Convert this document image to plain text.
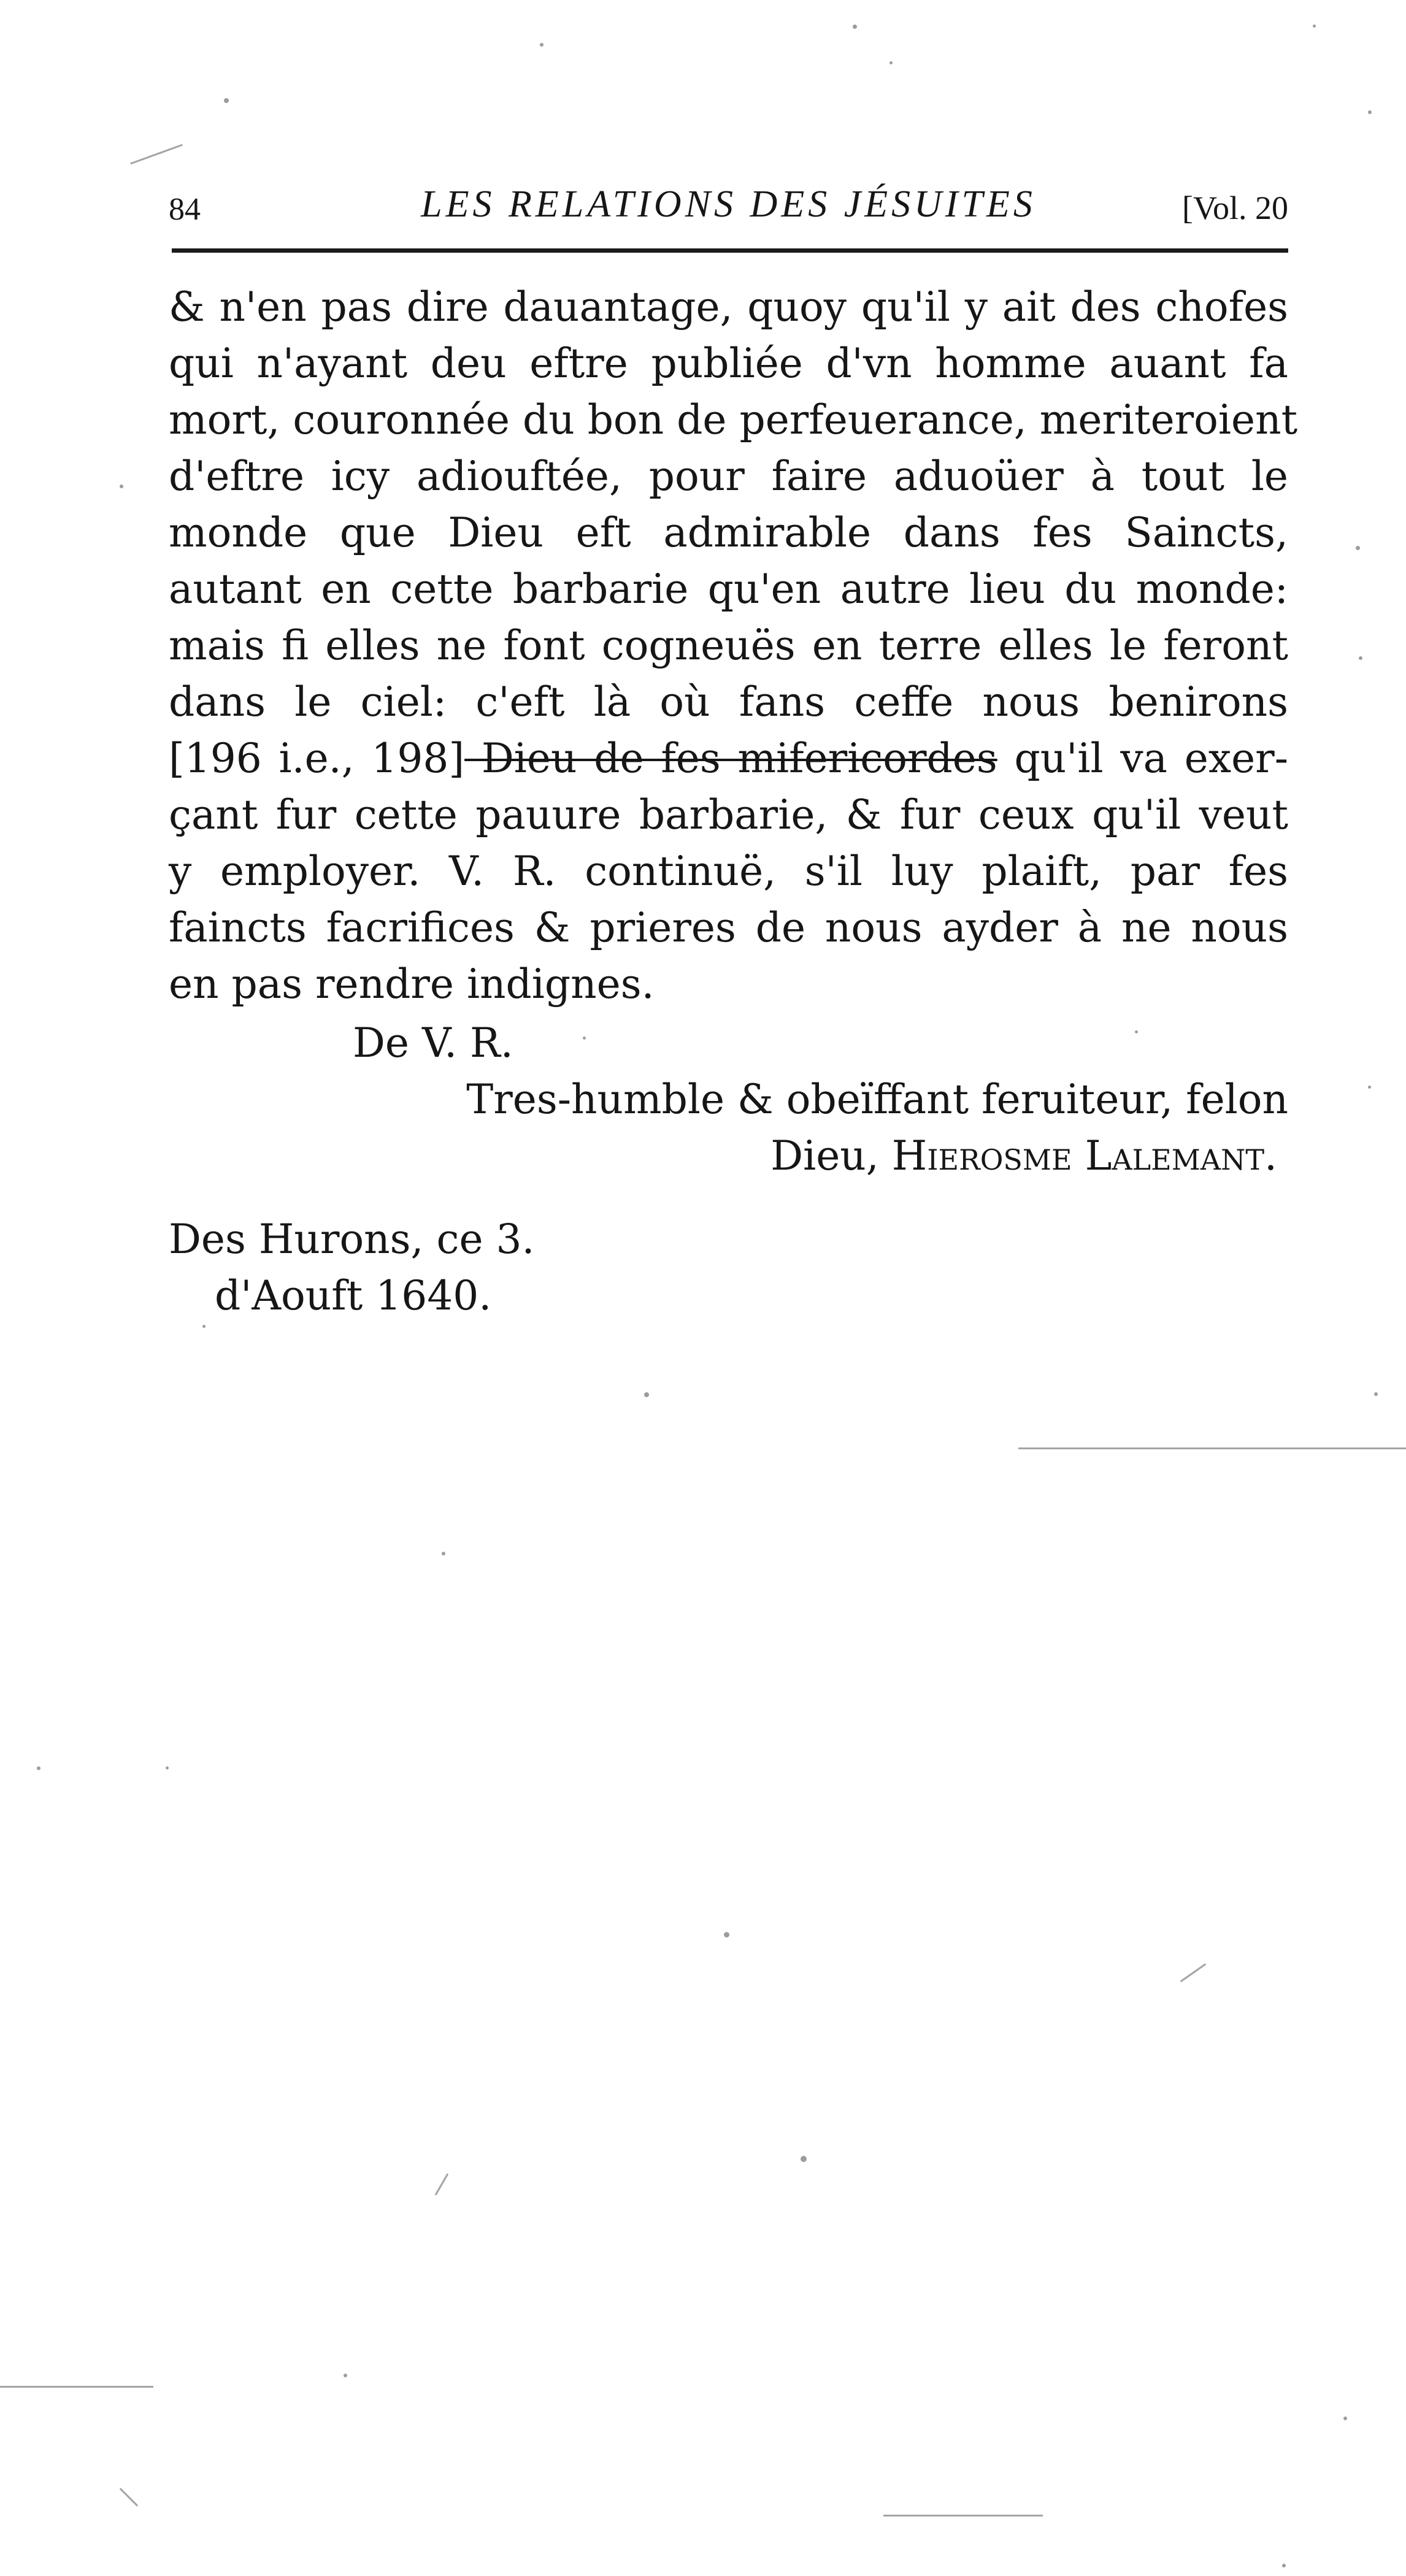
84	LES RELATIONS DES JÉSUITES	[Vol. 20
& n'en pas dire dauantage, quoy qu'il y ait des chofes
qui n'ayant deu eftre publiée d'vn homme auant fa
mort, couronnée du bon de perfeuerance, meriteroient
d'eftre icy adiouftée, pour faire aduoüer à tout le
monde que Dieu eft admirable dans fes Saincts,
autant en cette barbarie qu'en autre lieu du monde:
mais fi elles ne font cogneuës en terre elles le feront
dans le ciel: c'eft là où fans ceffe nous benirons
[196 i.e., 198] Dieu de fes mifericordes qu'il va exer-
çant fur cette pauure barbarie, & fur ceux qu'il veut
y employer. V. R. continuë, s'il luy plaift, par fes
faincts facrifices & prieres de nous ayder à ne nous
en pas rendre indignes.
De V. R.
Tres-humble & obeïffant feruiteur, felon
Dieu, Hierosme Lalemant.
Des Hurons, ce 3.
d'Aouft 1640.
